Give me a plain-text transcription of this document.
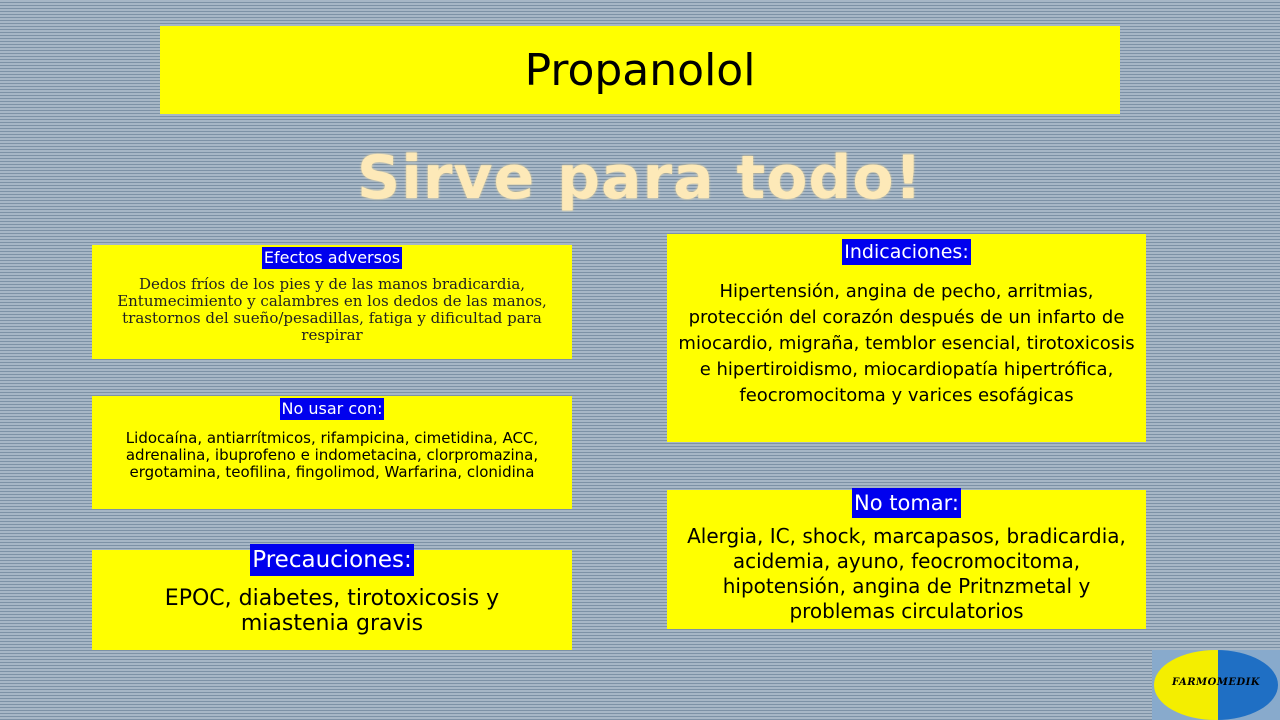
Propanolol
Sirve para todo!
Efectos adversos
Dedos fríos de los pies y de las manos bradicardia, Entumecimiento y calambres en los dedos de las manos, trastornos del sueño/pesadillas, fatiga y dificultad para respirar
No usar con:
Lidocaína, antiarrítmicos, rifampicina, cimetidina, ACC, adrenalina, ibuprofeno e indometacina, clorpromazina, ergotamina, teofilina, fingolimod, Warfarina, clonidina
Precauciones:
EPOC, diabetes, tirotoxicosis y miastenia gravis
Indicaciones:
Hipertensión, angina de pecho, arritmias, protección del corazón después de un infarto de miocardio, migraña, temblor esencial, tirotoxicosis e hipertiroidismo, miocardiopatía hipertrófica, feocromocitoma y varices esofágicas
No tomar:
Alergia, IC, shock, marcapasos, bradicardia, acidemia, ayuno, feocromocitoma, hipotensión, angina de Pritnzmetal y problemas circulatorios
FARMOMEDIK
